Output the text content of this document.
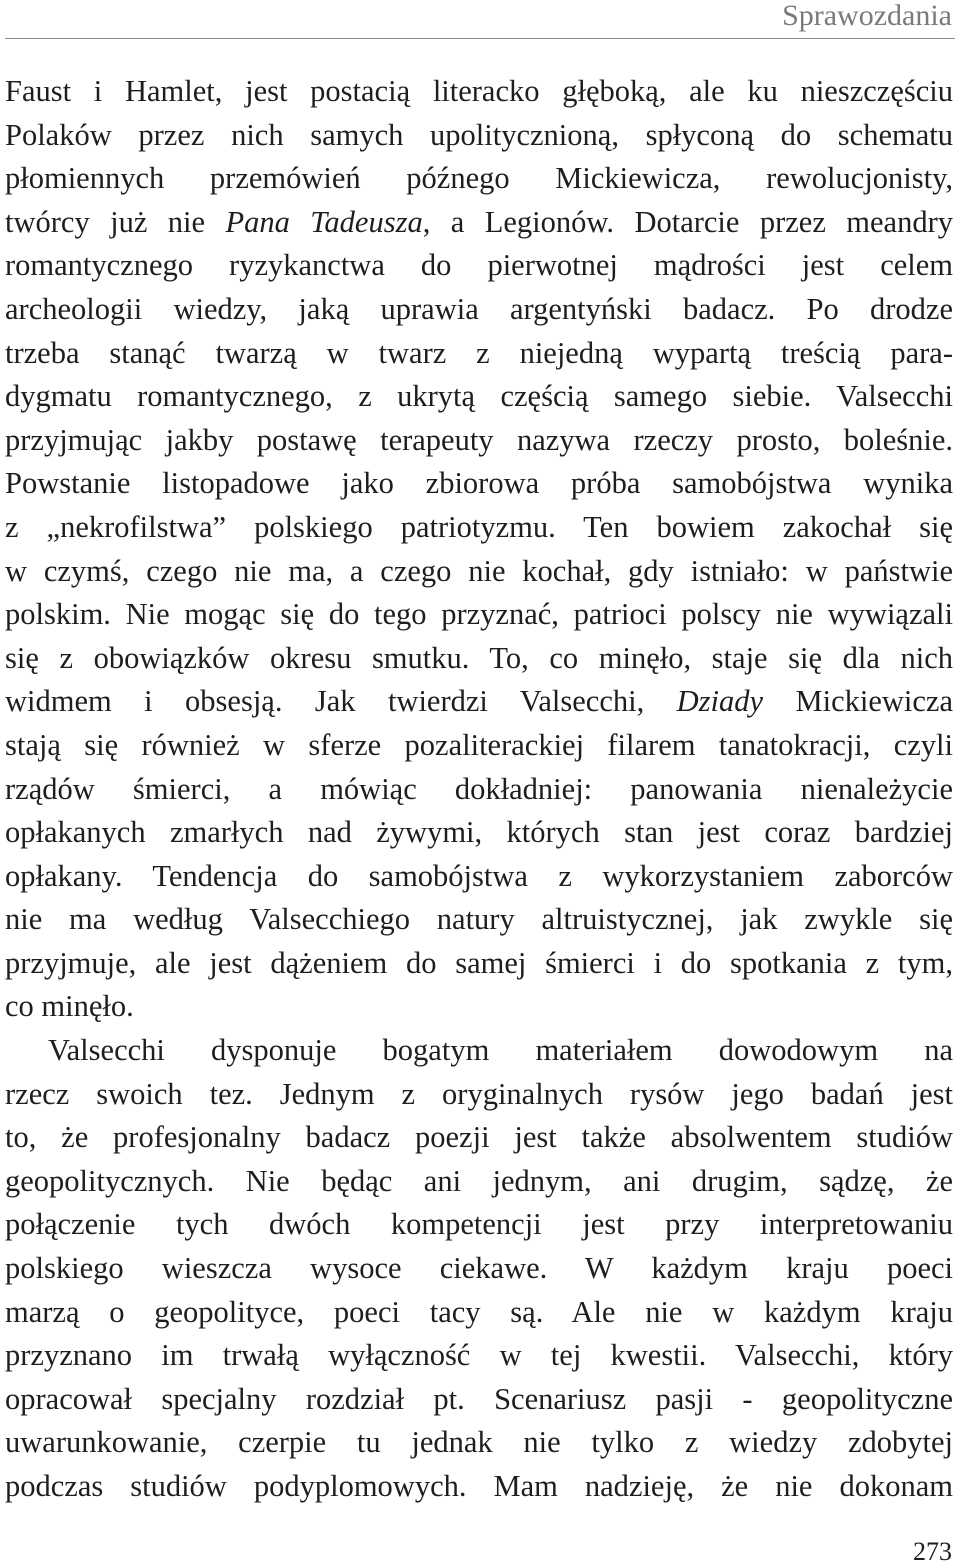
Sprawozdania
Faust i Hamlet, jest postacią literacko głęboką, ale ku nieszczęściu
Polaków przez nich samych upolitycznioną, spłyconą do schematu
płomiennych przemówień późnego Mickiewicza, rewolucjonisty,
twórcy już nie Pana Tadeusza, a Legionów. Dotarcie przez meandry
romantycznego ryzykanctwa do pierwotnej mądrości jest celem
archeologii wiedzy, jaką uprawia argentyński badacz. Po drodze
trzeba stanąć twarzą w twarz z niejedną wypartą treścią para-
dygmatu romantycznego, z ukrytą częścią samego siebie. Valsecchi
przyjmując jakby postawę terapeuty nazywa rzeczy prosto, boleśnie.
Powstanie listopadowe jako zbiorowa próba samobójstwa wynika
z „nekrofilstwa” polskiego patriotyzmu. Ten bowiem zakochał się
w czymś, czego nie ma, a czego nie kochał, gdy istniało: w państwie
polskim. Nie mogąc się do tego przyznać, patrioci polscy nie wywiązali
się z obowiązków okresu smutku. To, co minęło, staje się dla nich
widmem i obsesją. Jak twierdzi Valsecchi, Dziady Mickiewicza
stają się również w sferze pozaliterackiej filarem tanatokracji, czyli
rządów śmierci, a mówiąc dokładniej: panowania nienależycie
opłakanych zmarłych nad żywymi, których stan jest coraz bardziej
opłakany. Tendencja do samobójstwa z wykorzystaniem zaborców
nie ma według Valsecchiego natury altruistycznej, jak zwykle się
przyjmuje, ale jest dążeniem do samej śmierci i do spotkania z tym,
co minęło.
Valsecchi dysponuje bogatym materiałem dowodowym na
rzecz swoich tez. Jednym z oryginalnych rysów jego badań jest
to, że profesjonalny badacz poezji jest także absolwentem studiów
geopolitycznych. Nie będąc ani jednym, ani drugim, sądzę, że
połączenie tych dwóch kompetencji jest przy interpretowaniu
polskiego wieszcza wysoce ciekawe. W każdym kraju poeci
marzą o geopolityce, poeci tacy są. Ale nie w każdym kraju
przyznano im trwałą wyłączność w tej kwestii. Valsecchi, który
opracował specjalny rozdział pt. Scenariusz pasji - geopolityczne
uwarunkowanie, czerpie tu jednak nie tylko z wiedzy zdobytej
podczas studiów podyplomowych. Mam nadzieję, że nie dokonam
273
